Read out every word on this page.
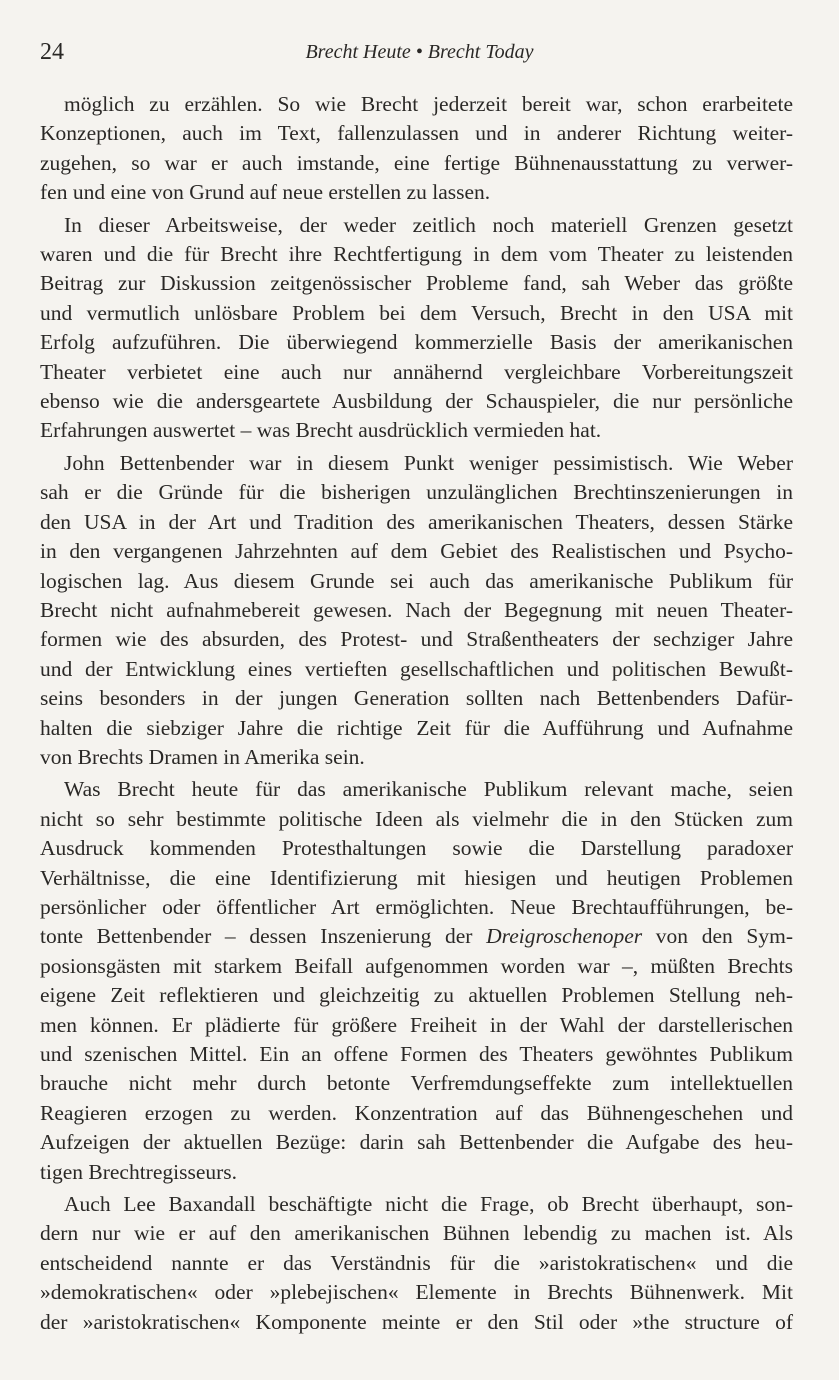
24	Brecht Heute • Brecht Today

möglich zu erzählen. So wie Brecht jederzeit bereit war, schon erarbeitete
Konzeptionen, auch im Text, fallenzulassen und in anderer Richtung weiter-
zugehen, so war er auch imstande, eine fertige Bühnenausstattung zu verwer-
fen und eine von Grund auf neue erstellen zu lassen.

In dieser Arbeitsweise, der weder zeitlich noch materiell Grenzen gesetzt
waren und die für Brecht ihre Rechtfertigung in dem vom Theater zu leistenden
Beitrag zur Diskussion zeitgenössischer Probleme fand, sah Weber das größte
und vermutlich unlösbare Problem bei dem Versuch, Brecht in den USA mit
Erfolg aufzuführen. Die überwiegend kommerzielle Basis der amerikanischen
Theater verbietet eine auch nur annähernd vergleichbare Vorbereitungszeit
ebenso wie die andersgeartete Ausbildung der Schauspieler, die nur persönliche
Erfahrungen auswertet – was Brecht ausdrücklich vermieden hat.

John Bettenbender war in diesem Punkt weniger pessimistisch. Wie Weber
sah er die Gründe für die bisherigen unzulänglichen Brechtinszenierungen in
den USA in der Art und Tradition des amerikanischen Theaters, dessen Stärke
in den vergangenen Jahrzehnten auf dem Gebiet des Realistischen und Psycho-
logischen lag. Aus diesem Grunde sei auch das amerikanische Publikum für
Brecht nicht aufnahmebereit gewesen. Nach der Begegnung mit neuen Theater-
formen wie des absurden, des Protest- und Straßentheaters der sechziger Jahre
und der Entwicklung eines vertieften gesellschaftlichen und politischen Bewußt-
seins besonders in der jungen Generation sollten nach Bettenbenders Dafür-
halten die siebziger Jahre die richtige Zeit für die Aufführung und Aufnahme
von Brechts Dramen in Amerika sein.

Was Brecht heute für das amerikanische Publikum relevant mache, seien
nicht so sehr bestimmte politische Ideen als vielmehr die in den Stücken zum
Ausdruck kommenden Protesthaltungen sowie die Darstellung paradoxer
Verhältnisse, die eine Identifizierung mit hiesigen und heutigen Problemen
persönlicher oder öffentlicher Art ermöglichten. Neue Brechtaufführungen, be-
tonte Bettenbender – dessen Inszenierung der Dreigroschenoper von den Sym-
posionsgästen mit starkem Beifall aufgenommen worden war –, müßten Brechts
eigene Zeit reflektieren und gleichzeitig zu aktuellen Problemen Stellung neh-
men können. Er plädierte für größere Freiheit in der Wahl der darstellerischen
und szenischen Mittel. Ein an offene Formen des Theaters gewöhntes Publikum
brauche nicht mehr durch betonte Verfremdungseffekte zum intellektuellen
Reagieren erzogen zu werden. Konzentration auf das Bühnengeschehen und
Aufzeigen der aktuellen Bezüge: darin sah Bettenbender die Aufgabe des heu-
tigen Brechtregisseurs.

Auch Lee Baxandall beschäftigte nicht die Frage, ob Brecht überhaupt, son-
dern nur wie er auf den amerikanischen Bühnen lebendig zu machen ist. Als
entscheidend nannte er das Verständnis für die »aristokratischen« und die
»demokratischen« oder »plebejischen« Elemente in Brechts Bühnenwerk. Mit
der »aristokratischen« Komponente meinte er den Stil oder »the structure of
